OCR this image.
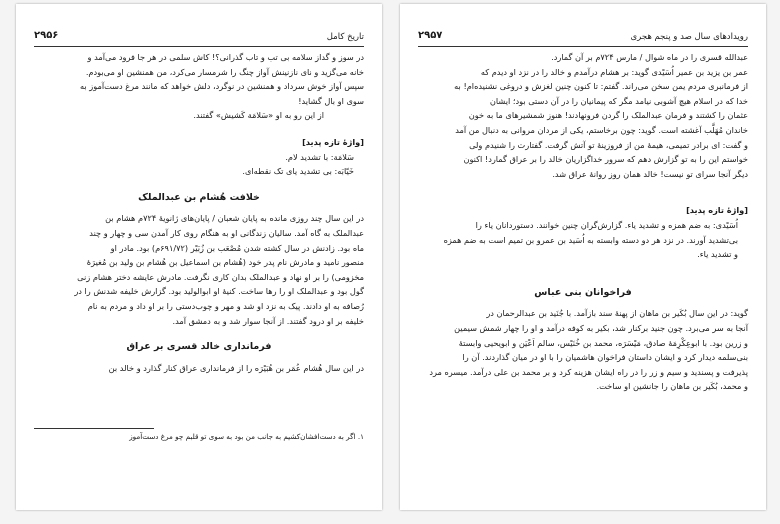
تاریخ کامل
۲۹۵۶

در سوز و گداز سلامه بی تب و تاب گذرانی؟! کاش سلمی در هر جا فرود می‌آمد و

خانه می‌گزید و نای نازنینش آواز چنگ را شرمسار می‌کرد، من همنشین او می‌بودم.

سپس آواز خوش سرداد و همنشین در نوگرد، دلش خواهد که مانند مرغ دست‌آموز به

سوی او بال گشاید!

از این رو به او «سَلامَة کَشیش» گفتند.

[واژهٔ تازه پدید]

سَلامَة: با تشدید لام.

خَیّابَه: بی تشدید یای تک نقطه‌ای.

خلافت هُشام بن عبدالملک

در این سال چند روزی مانده به پایان شعبان / پایان‌های ژانویهٔ ۷۲۴م هشام بن

عبدالملک به گاه آمد. سالیان زندگانی او به هنگام روی کار آمدن سی و چهار و چند

ماه بود. زادنش در سال کشته شدن مُصْعَب بن زُبَیْر (۶۹۱/۷۲م) بود. مادر او

منصور نامید و مادرش نام پدر خود (هُشام بن اسماعیل بن هُشام بن ولید بن مُغیرَهٔ

مخزومی) را بر او نهاد و عبدالملک بدان کاری نگرفت. مادرش عایشه دختر هشام زنی

گول بود و عبدالملک او را رها ساخت. کنیهٔ او ابوالولید بود. گزارش خلیفه شدنش را در

رُصافه به او دادند. پیک به نزد او شد و مهر و چوب‌دستی را بر او داد و مردم به نام

خلیفه بر او درود گفتند. از آنجا سوار شد و به دمشق آمد.

فرمانداری خالد قسری بر عراق

در این سال هُشام عُمَر بن هُبَیْرَه را از فرمانداری عراق کنار گذارد و خالد بن

۱. اگر به دست‌افشان‌کشیم به جانب من بود به سوی تو قلبم چو مرغ دست‌آموز
رویدادهای سال صد و پنجم هجری
۲۹۵۷

عبدالله قسری را در ماه شوال / مارس ۷۲۴م بر آن گمارد.

عمر بن یزید بن عمیر اُسَیْدی گوید: بر هشام درآمدم و خالد را در نزد او دیدم که

از فرمانبری مردم یمن سخن می‌راند. گفتم: تا کنون چنین لغزش و دروغی نشنیده‌ام! به

خدا که در اسلام هیچ آشوبی نیامد مگر که پیمانیان را در آن دستی بود؛ ایشان

عثمان را کشتند و فرمان عبدالملک را گردن فرونهادند! هنوز شمشیرهای ما به خون

خاندان مُهَلَّب آغشته است. گوید: چون برخاستم، یکی از مردان مروانی به دنبال من آمد

و گفت: ای برادر تمیمی، هیمهٔ من از فروزینهٔ تو آتش گرفت. گفتارت را شنیدم ولی

خواستم این را به تو گزارش دهم که سرور خداگزاریان خالد را بر عراق گمارد! اکنون

دیگر آنجا سرای تو نیست! خالد همان روز روانهٔ عراق شد.

[واژهٔ تازه پدید]

اُسَیْدی: به ضم همزه و تشدید یاء. گزارش‌گران چنین خوانند. دستوردانان یاء را

بی‌تشدید آورند. در نزد هر دو دسته وابسته به اُسَید بن عمرو بن تمیم است به ضم همزه

و تشدید یاء.

فراخوانان بنی عباس

گوید: در این سال بُکَیر بن ماهان از پهنهٔ سند بازآمد. با جُنَید بن عبدالرحمان در

آنجا به سر می‌برد. چون جنید برکنار شد، بکیر به کوفه درآمد و او را چهار شمش سیمین

و زرین بود. با ابوعِکْرِمَهٔ صادق، مَیْسَرَه، محمد بن خُنَیْس، سالم اَعْیَن و ابویحیی وابستهٔ

بنی‌سلمه دیدار کرد و ایشان داستان فراخوان هاشمیان را با او در میان گذاردند. آن را

پذیرفت و پسندید و سیم و زر را در راه ایشان هزینه کرد و بر محمد بن علی درآمد. میسره مرد

و محمد، بُکَیر بن ماهان را جانشین او ساخت.
